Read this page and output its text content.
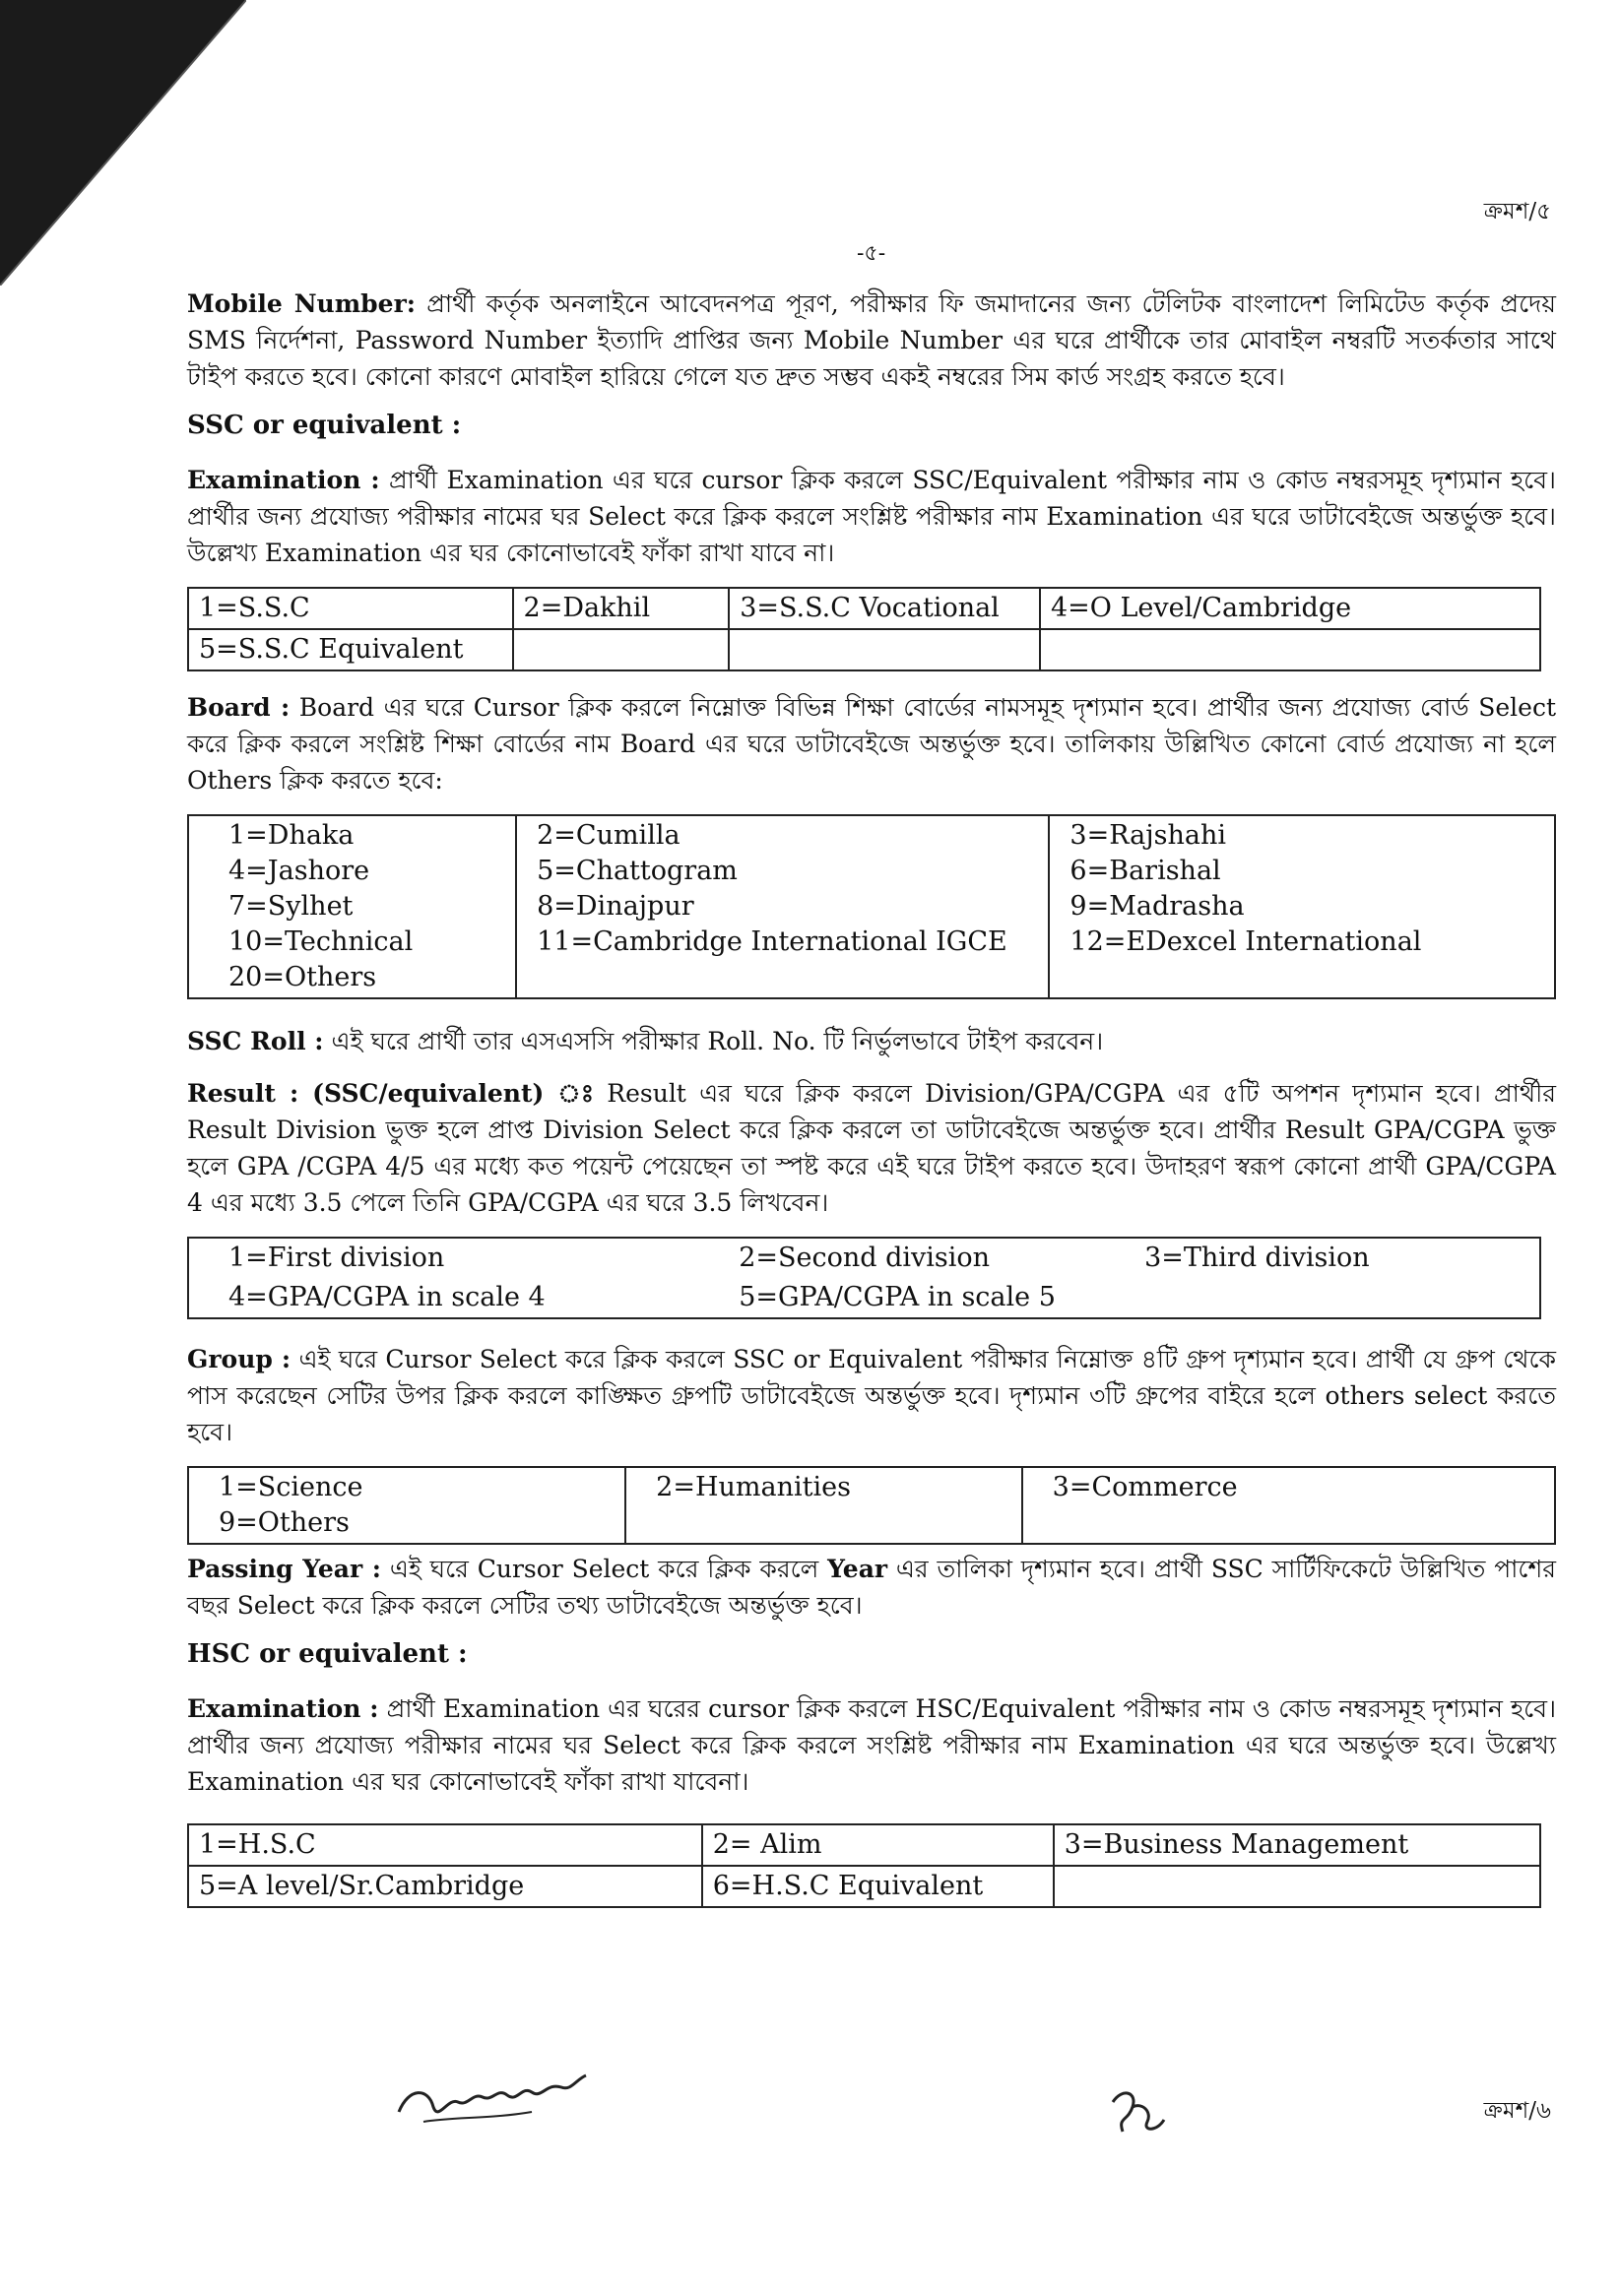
ক্রমশ/৫
-৫-

Mobile Number: প্রার্থী কর্তৃক অনলাইনে আবেদনপত্র পূরণ, পরীক্ষার ফি জমাদানের জন্য টেলিটক বাংলাদেশ লিমিটেড কর্তৃক প্রদেয় SMS নির্দেশনা, Password Number ইত্যাদি প্রাপ্তির জন্য Mobile Number এর ঘরে প্রার্থীকে তার মোবাইল নম্বরটি সতর্কতার সাথে টাইপ করতে হবে। কোনো কারণে মোবাইল হারিয়ে গেলে যত দ্রুত সম্ভব একই নম্বরের সিম কার্ড সংগ্রহ করতে হবে।

SSC or equivalent :

Examination : প্রার্থী Examination এর ঘরে cursor ক্লিক করলে SSC/Equivalent পরীক্ষার নাম ও কোড নম্বরসমূহ দৃশ্যমান হবে। প্রার্থীর জন্য প্রযোজ্য পরীক্ষার নামের ঘর Select করে ক্লিক করলে সংশ্লিষ্ট পরীক্ষার নাম Examination এর ঘরে ডাটাবেইজে অন্তর্ভুক্ত হবে। উল্লেখ্য Examination এর ঘর কোনোভাবেই ফাঁকা রাখা যাবে না।

1=S.S.C	2=Dakhil	3=S.S.C Vocational	4=O Level/Cambridge
5=S.S.C Equivalent			

Board : Board এর ঘরে Cursor ক্লিক করলে নিম্নোক্ত বিভিন্ন শিক্ষা বোর্ডের নামসমূহ দৃশ্যমান হবে। প্রার্থীর জন্য প্রযোজ্য বোর্ড Select করে ক্লিক করলে সংশ্লিষ্ট শিক্ষা বোর্ডের নাম Board এর ঘরে ডাটাবেইজে অন্তর্ভুক্ত হবে। তালিকায় উল্লিখিত কোনো বোর্ড প্রযোজ্য না হলে Others ক্লিক করতে হবে:

1=Dhaka
4=Jashore
7=Sylhet
10=Technical
20=Others

2=Cumilla
5=Chattogram
8=Dinajpur
11=Cambridge International IGCE

3=Rajshahi
6=Barishal
9=Madrasha
12=EDexcel International

SSC Roll : এই ঘরে প্রার্থী তার এসএসসি পরীক্ষার Roll. No. টি নির্ভুলভাবে টাইপ করবেন।

Result : (SSC/equivalent) ঃ Result এর ঘরে ক্লিক করলে Division/GPA/CGPA এর ৫টি অপশন দৃশ্যমান হবে। প্রার্থীর Result Division ভুক্ত হলে প্রাপ্ত Division Select করে ক্লিক করলে তা ডাটাবেইজে অন্তর্ভুক্ত হবে। প্রার্থীর Result GPA/CGPA ভুক্ত হলে GPA /CGPA 4/5 এর মধ্যে কত পয়েন্ট পেয়েছেন তা স্পষ্ট করে এই ঘরে টাইপ করতে হবে। উদাহরণ স্বরূপ কোনো প্রার্থী GPA/CGPA 4 এর মধ্যে 3.5 পেলে তিনি GPA/CGPA এর ঘরে 3.5 লিখবেন।

1=First division	2=Second division	3=Third division
4=GPA/CGPA in scale 4	5=GPA/CGPA in scale 5	

Group : এই ঘরে Cursor Select করে ক্লিক করলে SSC or Equivalent পরীক্ষার নিম্নোক্ত ৪টি গ্রুপ দৃশ্যমান হবে। প্রার্থী যে গ্রুপ থেকে পাস করেছেন সেটির উপর ক্লিক করলে কাঙ্ক্ষিত গ্রুপটি ডাটাবেইজে অন্তর্ভুক্ত হবে। দৃশ্যমান ৩টি গ্রুপের বাইরে হলে others select করতে হবে।

1=Science
9=Others

2=Humanities	3=Commerce

Passing Year : এই ঘরে Cursor Select করে ক্লিক করলে Year এর তালিকা দৃশ্যমান হবে। প্রার্থী SSC সার্টিফিকেটে উল্লিখিত পাশের বছর Select করে ক্লিক করলে সেটির তথ্য ডাটাবেইজে অন্তর্ভুক্ত হবে।

HSC or equivalent :

Examination : প্রার্থী Examination এর ঘরের cursor ক্লিক করলে HSC/Equivalent পরীক্ষার নাম ও কোড নম্বরসমূহ দৃশ্যমান হবে। প্রার্থীর জন্য প্রযোজ্য পরীক্ষার নামের ঘর Select করে ক্লিক করলে সংশ্লিষ্ট পরীক্ষার নাম Examination এর ঘরে অন্তর্ভুক্ত হবে। উল্লেখ্য Examination এর ঘর কোনোভাবেই ফাঁকা রাখা যাবেনা।

1=H.S.C	2= Alim	3=Business Management
5=A level/Sr.Cambridge	6=H.S.C Equivalent	
ক্রমশ/৬
